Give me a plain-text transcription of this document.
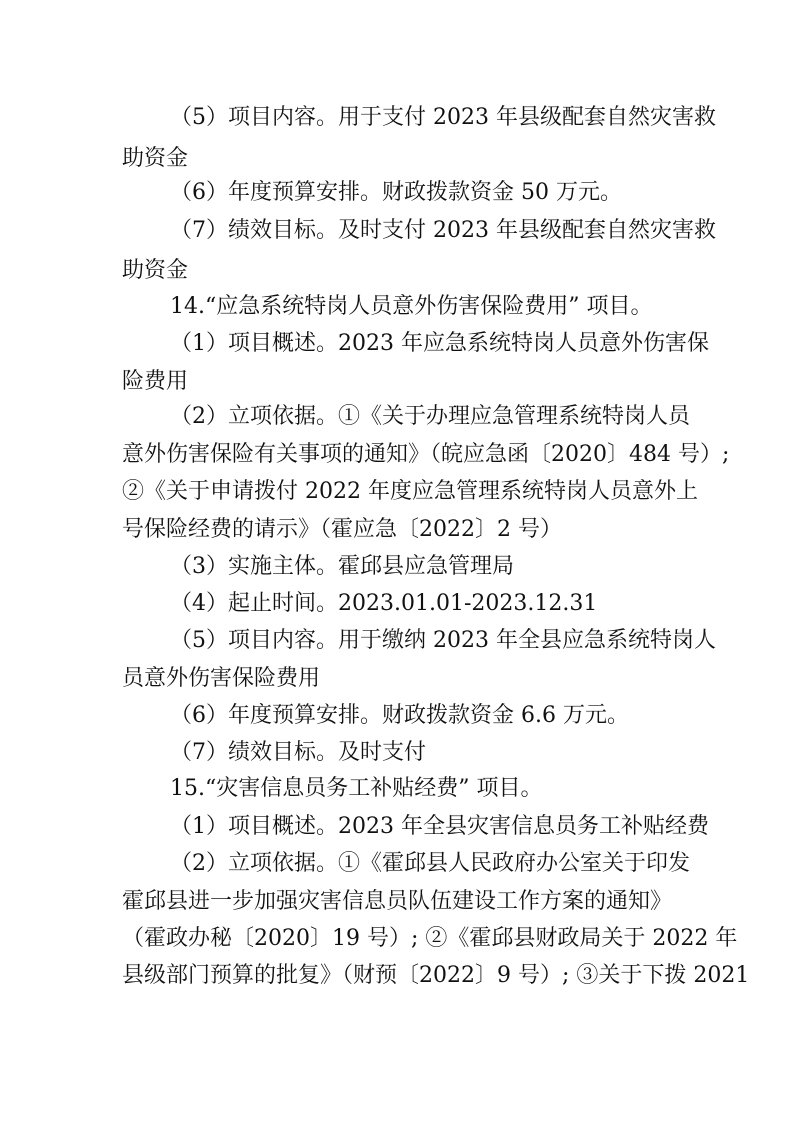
（5）项目内容。用于支付 2023 年县级配套自然灾害救
助资金
（6）年度预算安排。财政拨款资金 50 万元。
（7）绩效目标。及时支付 2023 年县级配套自然灾害救
助资金
14.“应急系统特岗人员意外伤害保险费用” 项目。
（1）项目概述。2023 年应急系统特岗人员意外伤害保
险费用
（2）立项依据。①《关于办理应急管理系统特岗人员
意外伤害保险有关事项的通知》（皖应急函〔2020〕484 号）;
②《关于申请拨付 2022 年度应急管理系统特岗人员意外上
号保险经费的请示》（霍应急〔2022〕2 号）
（3）实施主体。霍邱县应急管理局
（4）起止时间。2023.01.01-2023.12.31
（5）项目内容。用于缴纳 2023 年全县应急系统特岗人
员意外伤害保险费用
（6）年度预算安排。财政拨款资金 6.6 万元。
（7）绩效目标。及时支付
15.“灾害信息员务工补贴经费” 项目。
（1）项目概述。2023 年全县灾害信息员务工补贴经费
（2）立项依据。①《霍邱县人民政府办公室关于印发
霍邱县进一步加强灾害信息员队伍建设工作方案的通知》
（霍政办秘〔2020〕19 号）; ②《霍邱县财政局关于 2022 年
县级部门预算的批复》（财预〔2022〕9 号）; ③关于下拨 2021
